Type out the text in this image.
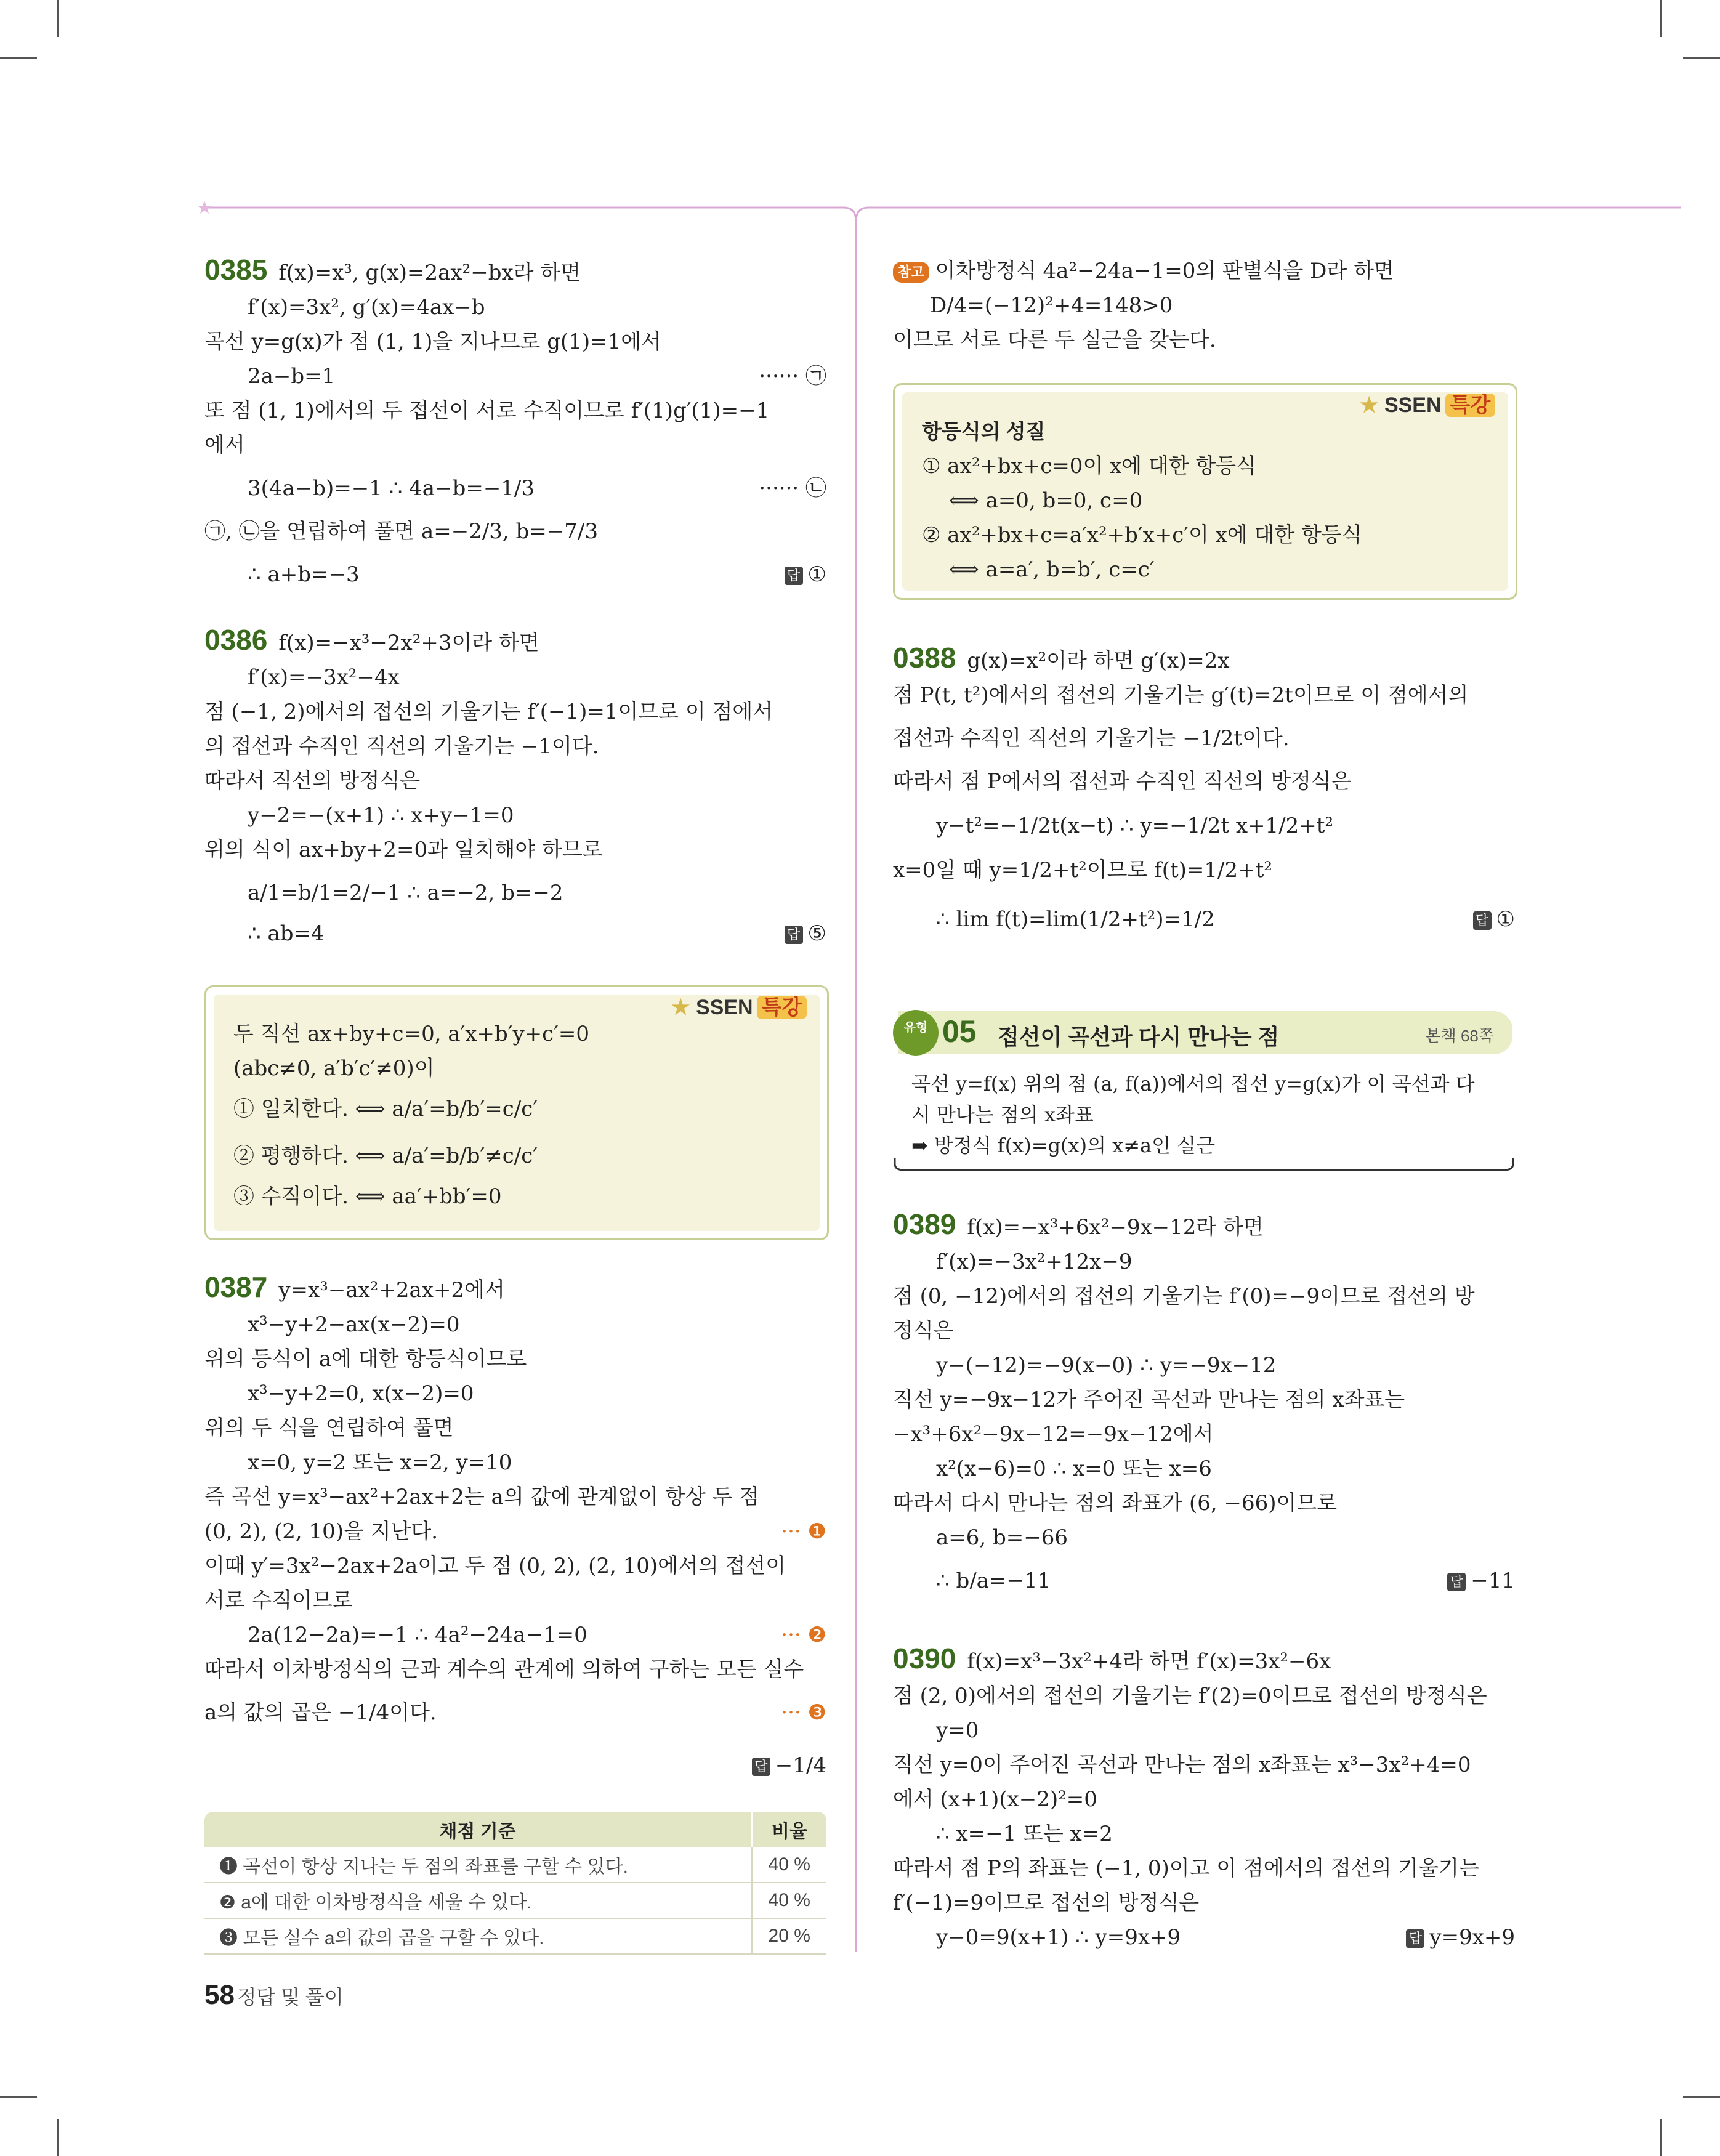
0385 f(x)=x³, g(x)=2ax²−bx라 하면
f′(x)=3x², g′(x)=4ax−b
곡선 y=g(x)가 점 (1, 1)을 지나므로 g(1)=1에서
2a−b=1	······ ㉠
또 점 (1, 1)에서의 두 접선이 서로 수직이므로 f′(1)g′(1)=−1
에서
3(4a−b)=−1 ∴ 4a−b=−1/3	······ ㉡
㉠, ㉡을 연립하여 풀면 a=−2/3, b=−7/3
∴ a+b=−3	답 ①
0386 f(x)=−x³−2x²+3이라 하면
f′(x)=−3x²−4x
점 (−1, 2)에서의 접선의 기울기는 f′(−1)=1이므로 이 점에서
의 접선과 수직인 직선의 기울기는 −1이다.
따라서 직선의 방정식은
y−2=−(x+1) ∴ x+y−1=0
위의 식이 ax+by+2=0과 일치해야 하므로
a/1=b/1=2/−1 ∴ a=−2, b=−2
∴ ab=4	답 ⑤
두 직선 ax+by+c=0, a′x+b′y+c′=0
(abc≠0, a′b′c′≠0)이
① 일치한다. ⟺ a/a′=b/b′=c/c′
② 평행하다. ⟺ a/a′=b/b′≠c/c′
③ 수직이다. ⟺ aa′+bb′=0
★ SSEN 특강
0387 y=x³−ax²+2ax+2에서
x³−y+2−ax(x−2)=0
위의 등식이 a에 대한 항등식이므로
x³−y+2=0, x(x−2)=0
위의 두 식을 연립하여 풀면
x=0, y=2 또는 x=2, y=10
즉 곡선 y=x³−ax²+2ax+2는 a의 값에 관계없이 항상 두 점
(0, 2), (2, 10)을 지난다.	··· ❶
이때 y′=3x²−2ax+2a이고 두 점 (0, 2), (2, 10)에서의 접선이
서로 수직이므로
2a(12−2a)=−1 ∴ 4a²−24a−1=0	··· ❷
따라서 이차방정식의 근과 계수의 관계에 의하여 구하는 모든 실수
a의 값의 곱은 −1/4이다.	··· ❸
답 −1/4
채점 기준	비율
❶ 곡선이 항상 지나는 두 점의 좌표를 구할 수 있다.	40 %
❷ a에 대한 이차방정식을 세울 수 있다.	40 %
❸ 모든 실수 a의 값의 곱을 구할 수 있다.	20 %
58 정답 및 풀이
참고 이차방정식 4a²−24a−1=0의 판별식을 D라 하면
D/4=(−12)²+4=148>0
이므로 서로 다른 두 실근을 갖는다.
항등식의 성질
① ax²+bx+c=0이 x에 대한 항등식
⟺ a=0, b=0, c=0
② ax²+bx+c=a′x²+b′x+c′이 x에 대한 항등식
⟺ a=a′, b=b′, c=c′
★ SSEN 특강
0388 g(x)=x²이라 하면 g′(x)=2x
점 P(t, t²)에서의 접선의 기울기는 g′(t)=2t이므로 이 점에서의
접선과 수직인 직선의 기울기는 −1/2t이다.
따라서 점 P에서의 접선과 수직인 직선의 방정식은
y−t²=−1/2t(x−t) ∴ y=−1/2t x+1/2+t²
x=0일 때 y=1/2+t²이므로 f(t)=1/2+t²
∴ lim f(t)=lim(1/2+t²)=1/2	답 ①
접선이 곡선과 다시 만나는 점	본책 68쪽
유형 05
곡선 y=f(x) 위의 점 (a, f(a))에서의 접선 y=g(x)가 이 곡선과 다
시 만나는 점의 x좌표
➡ 방정식 f(x)=g(x)의 x≠a인 실근
0389 f(x)=−x³+6x²−9x−12라 하면
f′(x)=−3x²+12x−9
점 (0, −12)에서의 접선의 기울기는 f′(0)=−9이므로 접선의 방
정식은
y−(−12)=−9(x−0) ∴ y=−9x−12
직선 y=−9x−12가 주어진 곡선과 만나는 점의 x좌표는
−x³+6x²−9x−12=−9x−12에서
x²(x−6)=0 ∴ x=0 또는 x=6
따라서 다시 만나는 점의 좌표가 (6, −66)이므로
a=6, b=−66
∴ b/a=−11	답 −11
0390 f(x)=x³−3x²+4라 하면 f′(x)=3x²−6x
점 (2, 0)에서의 접선의 기울기는 f′(2)=0이므로 접선의 방정식은
y=0
직선 y=0이 주어진 곡선과 만나는 점의 x좌표는 x³−3x²+4=0
에서 (x+1)(x−2)²=0
∴ x=−1 또는 x=2
따라서 점 P의 좌표는 (−1, 0)이고 이 점에서의 접선의 기울기는
f′(−1)=9이므로 접선의 방정식은
y−0=9(x+1) ∴ y=9x+9	답 y=9x+9
